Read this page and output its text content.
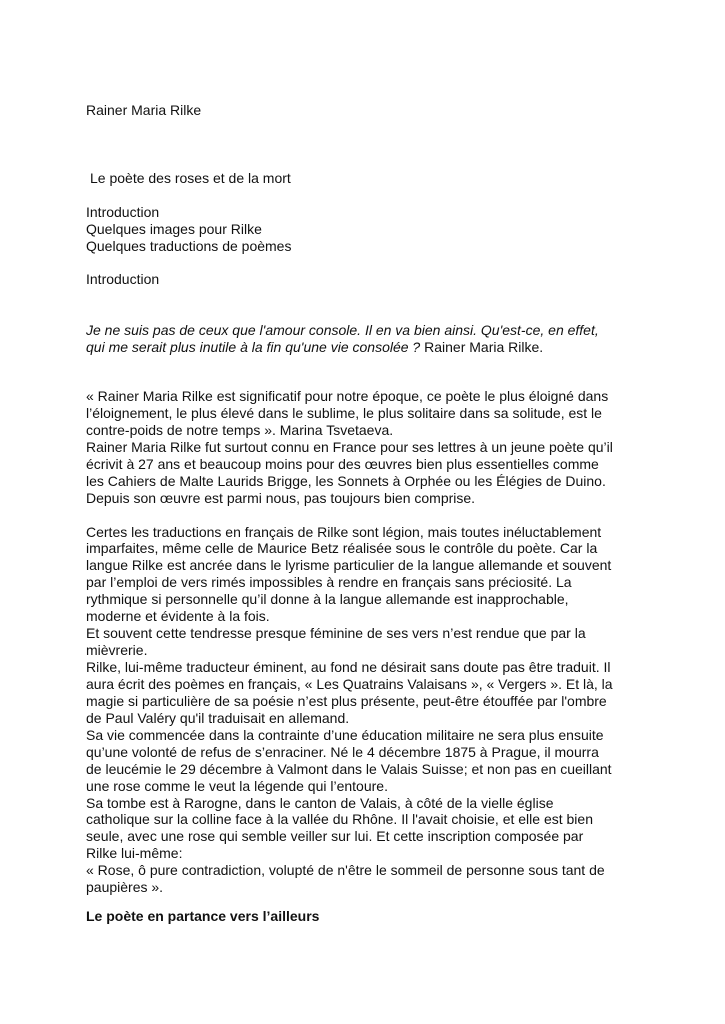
Rainer Maria Rilke
Le poète des roses et de la mort
Introduction
Quelques images pour Rilke
Quelques traductions de poèmes
Introduction
Je ne suis pas de ceux que l'amour console. Il en va bien ainsi. Qu'est-ce, en effet,
qui me serait plus inutile à la fin qu'une vie consolée ? Rainer Maria Rilke.
« Rainer Maria Rilke est significatif pour notre époque, ce poète le plus éloigné dans
l’éloignement, le plus élevé dans le sublime, le plus solitaire dans sa solitude, est le
contre-poids de notre temps ». Marina Tsvetaeva.
Rainer Maria Rilke fut surtout connu en France pour ses lettres à un jeune poète qu’il
écrivit à 27 ans et beaucoup moins pour des œuvres bien plus essentielles comme
les Cahiers de Malte Laurids Brigge, les Sonnets à Orphée ou les Élégies de Duino.
Depuis son œuvre est parmi nous, pas toujours bien comprise.
Certes les traductions en français de Rilke sont légion, mais toutes inéluctablement
imparfaites, même celle de Maurice Betz réalisée sous le contrôle du poète. Car la
langue Rilke est ancrée dans le lyrisme particulier de la langue allemande et souvent
par l’emploi de vers rimés impossibles à rendre en français sans préciosité. La
rythmique si personnelle qu’il donne à la langue allemande est inapprochable,
moderne et évidente à la fois.
Et souvent cette tendresse presque féminine de ses vers n’est rendue que par la
mièvrerie.
Rilke, lui-même traducteur éminent, au fond ne désirait sans doute pas être traduit. Il
aura écrit des poèmes en français, « Les Quatrains Valaisans », « Vergers ». Et là, la
magie si particulière de sa poésie n’est plus présente, peut-être étouffée par l'ombre
de Paul Valéry qu'il traduisait en allemand.
Sa vie commencée dans la contrainte d’une éducation militaire ne sera plus ensuite
qu’une volonté de refus de s’enraciner. Né le 4 décembre 1875 à Prague, il mourra
de leucémie le 29 décembre à Valmont dans le Valais Suisse; et non pas en cueillant
une rose comme le veut la légende qui l’entoure.
Sa tombe est à Rarogne, dans le canton de Valais, à côté de la vielle église
catholique sur la colline face à la vallée du Rhône. Il l'avait choisie, et elle est bien
seule, avec une rose qui semble veiller sur lui. Et cette inscription composée par
Rilke lui-même:
« Rose, ô pure contradiction, volupté de n'être le sommeil de personne sous tant de
paupières ».
Le poète en partance vers l’ailleurs
